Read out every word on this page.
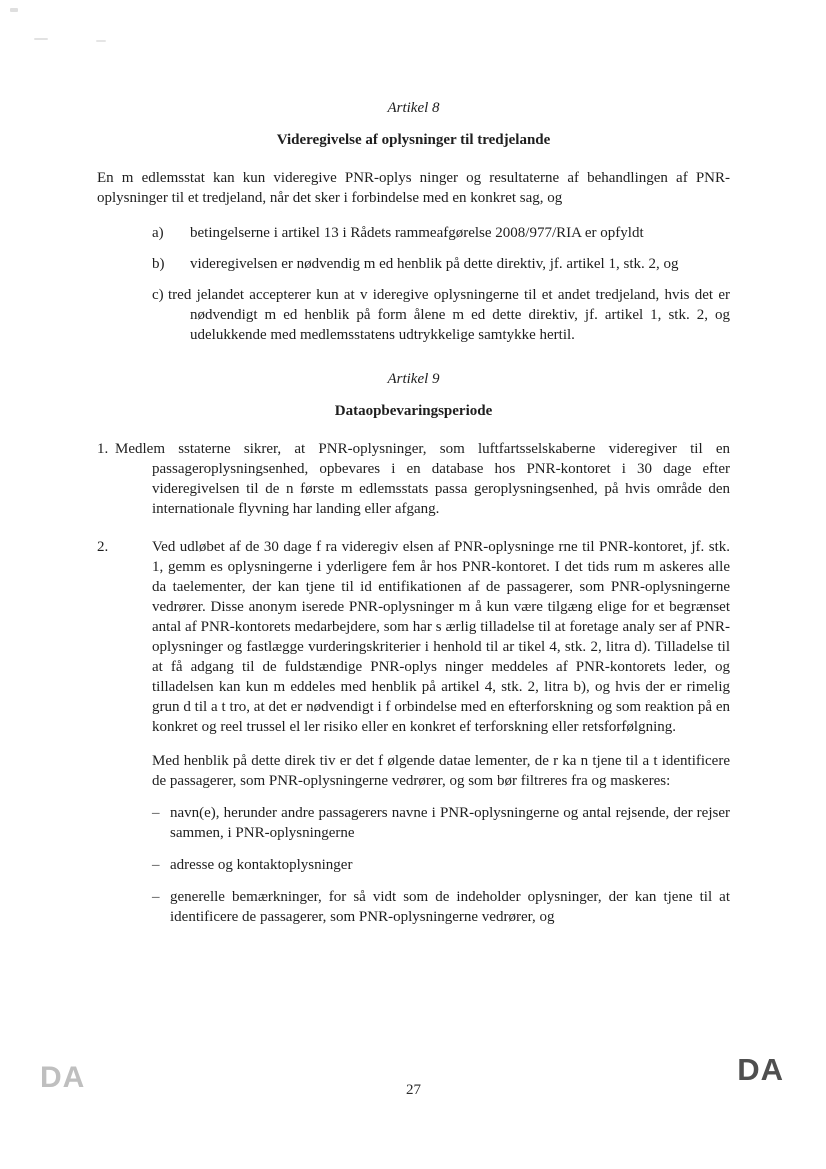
Artikel 8
Videregivelse af oplysninger til tredjelande

En m edlemsstat kan kun videregive PNR-oplys ninger og resultaterne af behandlingen af PNR-oplysninger til et tredjeland, når det sker i forbindelse med en konkret sag, og

a) betingelserne i artikel 13 i Rådets rammeafgørelse 2008/977/RIA er opfyldt
b) videregivelsen er nødvendig m ed henblik på dette direktiv, jf. artikel 1, stk. 2, og
c) tred jelandet accepterer kun at v ideregive oplysningerne til et andet tredjeland, hvis det er nødvendigt m ed henblik på form ålene m ed dette direktiv, jf. artikel 1, stk. 2, og udelukkende med medlemsstatens udtrykkelige samtykke hertil.
Artikel 9
Dataopbevaringsperiode
1. Medlem sstaterne sikrer, at PNR-oplysninger, som luftfartsselskaberne videregiver til en passageroplysningsenhed, opbevares i en database hos PNR-kontoret i 30 dage efter videregivelsen til de n første m edlemsstats passa geroplysningsenhed, på hvis område den internationale flyvning har landing eller afgang.
2.	Ved udløbet af de 30 dage f ra videregiv elsen af PNR-oplysninge rne til PNR-kontoret, jf. stk. 1, gemm es oplysningerne i yderligere fem år hos PNR-kontoret. I det tids rum m askeres alle da taelementer, der kan tjene til id entifikationen af de passagerer, som PNR-oplysningerne vedrører. Disse anonym iserede PNR-oplysninger m å kun være tilgæng elige for et begrænset antal af PNR-kontorets medarbejdere, som har s ærlig tilladelse til at foretage analy ser af PNR-oplysninger og fastlægge vurderingskriterier i henhold til ar tikel 4, stk. 2, litra d). Tilladelse til at få adgang til de fuldstændige PNR-oplys ninger meddeles af PNR-kontorets leder, og tilladelsen kan kun m eddeles med henblik på artikel 4, stk. 2, litra b), og hvis der er rimelig grun d til a t tro, at det er nødvendigt i f orbindelse med en efterforskning og som reaktion på en konkret og reel trussel el ler risiko eller en konkret ef terforskning eller retsforfølgning.

Med henblik på dette direk tiv er det f ølgende datae lementer, de r ka n tjene til a t identificere de passagerer, som PNR-oplysningerne vedrører, og som bør filtreres fra og maskeres:

– navn(e), herunder andre passagerers navne i PNR-oplysningerne og antal rejsende, der rejser sammen, i PNR-oplysningerne
– adresse og kontaktoplysninger
– generelle bemærkninger, for så vidt som de indeholder oplysninger, der kan tjene til at identificere de passagerer, som PNR-oplysningerne vedrører, og
DA	27
DA
